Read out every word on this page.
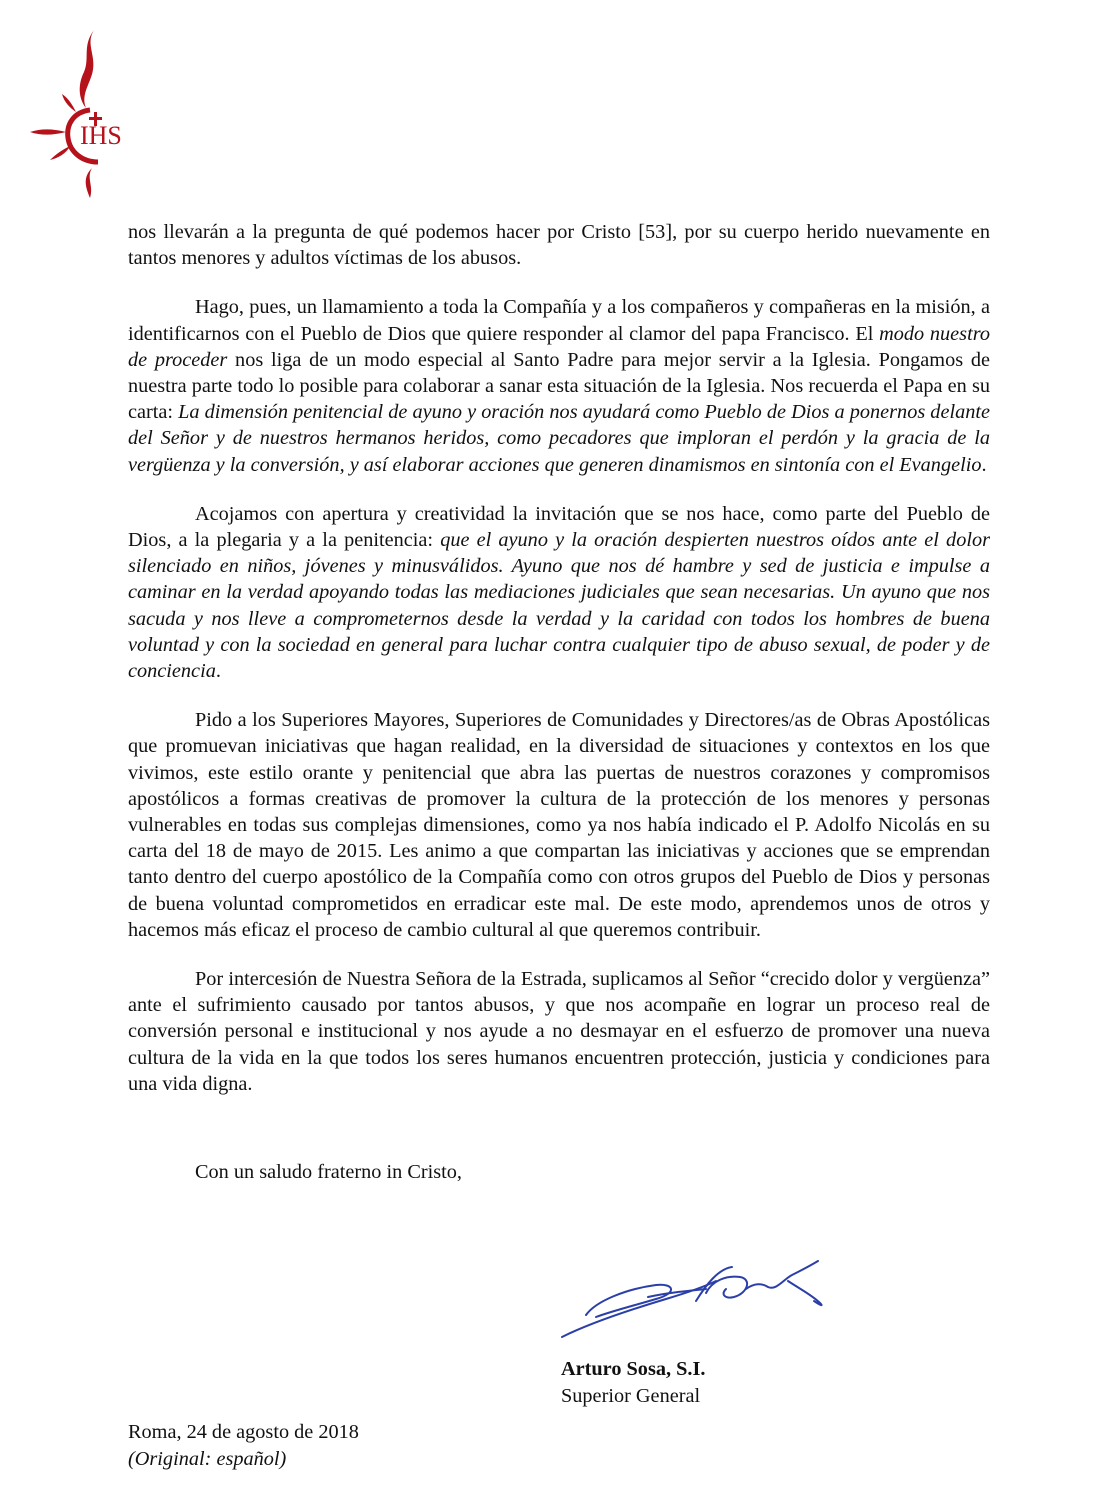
IHS

nos llevarán a la pregunta de qué podemos hacer por Cristo [53], por su cuerpo herido nuevamente en tantos menores y adultos víctimas de los abusos.

Hago, pues, un llamamiento a toda la Compañía y a los compañeros y compañeras en la misión, a identificarnos con el Pueblo de Dios que quiere responder al clamor del papa Francisco. El modo nuestro de proceder nos liga de un modo especial al Santo Padre para mejor servir a la Iglesia. Pongamos de nuestra parte todo lo posible para colaborar a sanar esta situación de la Iglesia. Nos recuerda el Papa en su carta: La dimensión penitencial de ayuno y oración nos ayudará como Pueblo de Dios a ponernos delante del Señor y de nuestros hermanos heridos, como pecadores que imploran el perdón y la gracia de la vergüenza y la conversión, y así elaborar acciones que generen dinamismos en sintonía con el Evangelio.

Acojamos con apertura y creatividad la invitación que se nos hace, como parte del Pueblo de Dios, a la plegaria y a la penitencia: que el ayuno y la oración despierten nuestros oídos ante el dolor silenciado en niños, jóvenes y minusválidos. Ayuno que nos dé hambre y sed de justicia e impulse a caminar en la verdad apoyando todas las mediaciones judiciales que sean necesarias. Un ayuno que nos sacuda y nos lleve a comprometernos desde la verdad y la caridad con todos los hombres de buena voluntad y con la sociedad en general para luchar contra cualquier tipo de abuso sexual, de poder y de conciencia.

Pido a los Superiores Mayores, Superiores de Comunidades y Directores/as de Obras Apostólicas que promuevan iniciativas que hagan realidad, en la diversidad de situaciones y contextos en los que vivimos, este estilo orante y penitencial que abra las puertas de nuestros corazones y compromisos apostólicos a formas creativas de promover la cultura de la protección de los menores y personas vulnerables en todas sus complejas dimensiones, como ya nos había indicado el P. Adolfo Nicolás en su carta del 18 de mayo de 2015. Les animo a que compartan las iniciativas y acciones que se emprendan tanto dentro del cuerpo apostólico de la Compañía como con otros grupos del Pueblo de Dios y personas de buena voluntad comprometidos en erradicar este mal. De este modo, aprendemos unos de otros y hacemos más eficaz el proceso de cambio cultural al que queremos contribuir.

Por intercesión de Nuestra Señora de la Estrada, suplicamos al Señor “crecido dolor y vergüenza” ante el sufrimiento causado por tantos abusos, y que nos acompañe en lograr un proceso real de conversión personal e institucional y nos ayude a no desmayar en el esfuerzo de promover una nueva cultura de la vida en la que todos los seres humanos encuentren protección, justicia y condiciones para una vida digna.

Con un saludo fraterno in Cristo,
Arturo Sosa, S.I.
Superior General
Roma, 24 de agosto de 2018
(Original: español)
